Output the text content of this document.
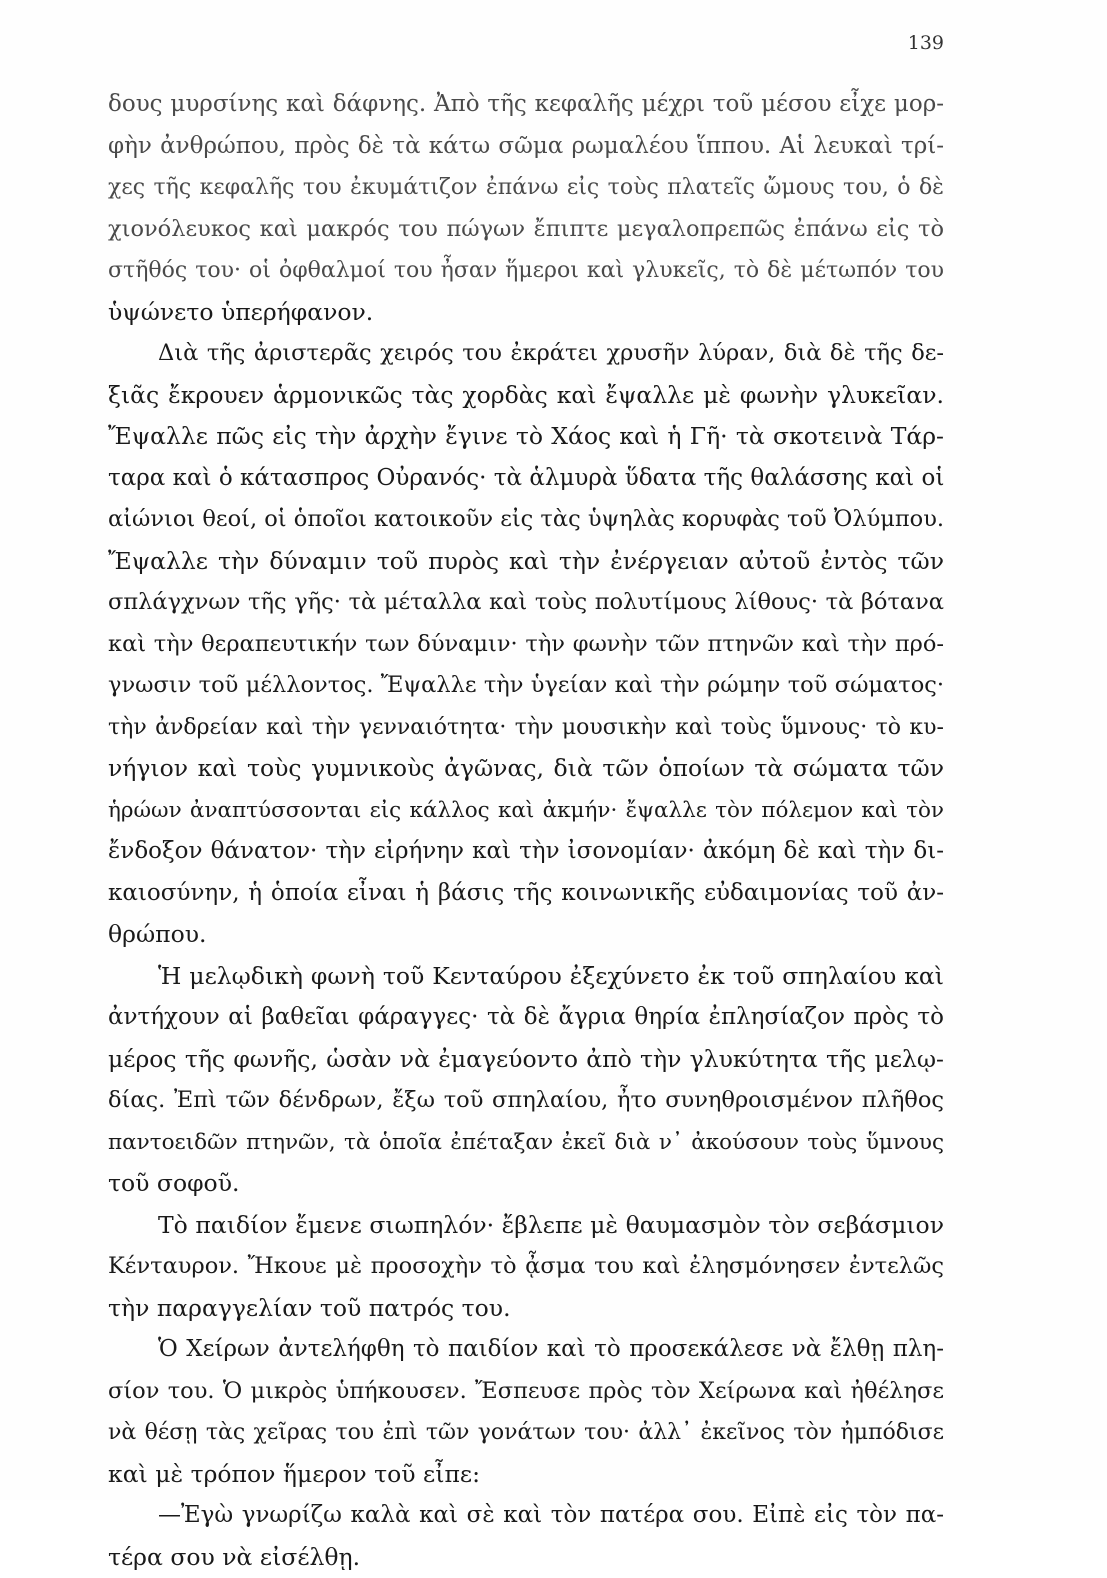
139
δους μυρσίνης καὶ δάφνης. Ἀπὸ τῆς κεφαλῆς μέχρι τοῦ μέσου εἶχε μορ-
φὴν ἀνθρώπου, πρὸς δὲ τὰ κάτω σῶμα ρωμαλέου ἵππου. Αἱ λευκαὶ τρί-
χες τῆς κεφαλῆς του ἐκυμάτιζον ἐπάνω εἰς τοὺς πλατεῖς ὤμους του, ὁ δὲ
χιονόλευκος καὶ μακρός του πώγων ἔπιπτε μεγαλοπρεπῶς ἐπάνω εἰς τὸ
στῆθός του· οἱ ὀφθαλμοί του ἦσαν ἥμεροι καὶ γλυκεῖς, τὸ δὲ μέτωπόν του
ὑψώνετο ὑπερήφανον.
Διὰ τῆς ἀριστερᾶς χειρός του ἐκράτει χρυσῆν λύραν, διὰ δὲ τῆς δε-
ξιᾶς ἔκρουεν ἁρμονικῶς τὰς χορδὰς καὶ ἔψαλλε μὲ φωνὴν γλυκεῖαν.
Ἔψαλλε πῶς εἰς τὴν ἀρχὴν ἔγινε τὸ Χάος καὶ ἡ Γῆ· τὰ σκοτεινὰ Τάρ-
ταρα καὶ ὁ κάτασπρος Οὐρανός· τὰ ἁλμυρὰ ὕδατα τῆς θαλάσσης καὶ οἱ
αἰώνιοι θεοί, οἱ ὁποῖοι κατοικοῦν εἰς τὰς ὑψηλὰς κορυφὰς τοῦ Ὀλύμπου.
Ἔψαλλε τὴν δύναμιν τοῦ πυρὸς καὶ τὴν ἐνέργειαν αὐτοῦ ἐντὸς τῶν
σπλάγχνων τῆς γῆς· τὰ μέταλλα καὶ τοὺς πολυτίμους λίθους· τὰ βότανα
καὶ τὴν θεραπευτικήν των δύναμιν· τὴν φωνὴν τῶν πτηνῶν καὶ τὴν πρό-
γνωσιν τοῦ μέλλοντος. Ἔψαλλε τὴν ὑγείαν καὶ τὴν ρώμην τοῦ σώματος·
τὴν ἀνδρείαν καὶ τὴν γενναιότητα· τὴν μουσικὴν καὶ τοὺς ὕμνους· τὸ κυ-
νήγιον καὶ τοὺς γυμνικοὺς ἀγῶνας, διὰ τῶν ὁποίων τὰ σώματα τῶν
ἡρώων ἀναπτύσσονται εἰς κάλλος καὶ ἀκμήν· ἔψαλλε τὸν πόλεμον καὶ τὸν
ἔνδοξον θάνατον· τὴν εἰρήνην καὶ τὴν ἰσονομίαν· ἀκόμη δὲ καὶ τὴν δι-
καιοσύνην, ἡ ὁποία εἶναι ἡ βάσις τῆς κοινωνικῆς εὐδαιμονίας τοῦ ἀν-
θρώπου.
Ἡ μελῳδικὴ φωνὴ τοῦ Κενταύρου ἐξεχύνετο ἐκ τοῦ σπηλαίου καὶ
ἀντήχουν αἱ βαθεῖαι φάραγγες· τὰ δὲ ἄγρια θηρία ἐπλησίαζον πρὸς τὸ
μέρος τῆς φωνῆς, ὡσὰν νὰ ἐμαγεύοντο ἀπὸ τὴν γλυκύτητα τῆς μελῳ-
δίας. Ἐπὶ τῶν δένδρων, ἔξω τοῦ σπηλαίου, ἦτο συνηθροισμένον πλῆθος
παντοειδῶν πτηνῶν, τὰ ὁποῖα ἐπέταξαν ἐκεῖ διὰ ν᾽ ἀκούσουν τοὺς ὕμνους
τοῦ σοφοῦ.
Τὸ παιδίον ἔμενε σιωπηλόν· ἔβλεπε μὲ θαυμασμὸν τὸν σεβάσμιον
Κένταυρον. Ἤκουε μὲ προσοχὴν τὸ ᾆσμα του καὶ ἐλησμόνησεν ἐντελῶς
τὴν παραγγελίαν τοῦ πατρός του.
Ὁ Χείρων ἀντελήφθη τὸ παιδίον καὶ τὸ προσεκάλεσε νὰ ἔλθῃ πλη-
σίον του. Ὁ μικρὸς ὑπήκουσεν. Ἔσπευσε πρὸς τὸν Χείρωνα καὶ ἠθέλησε
νὰ θέσῃ τὰς χεῖρας του ἐπὶ τῶν γονάτων του· ἀλλ᾽ ἐκεῖνος τὸν ἠμπόδισε
καὶ μὲ τρόπον ἥμερον τοῦ εἶπε:
—Ἐγὼ γνωρίζω καλὰ καὶ σὲ καὶ τὸν πατέρα σου. Εἰπὲ εἰς τὸν πα-
τέρα σου νὰ εἰσέλθῃ.
